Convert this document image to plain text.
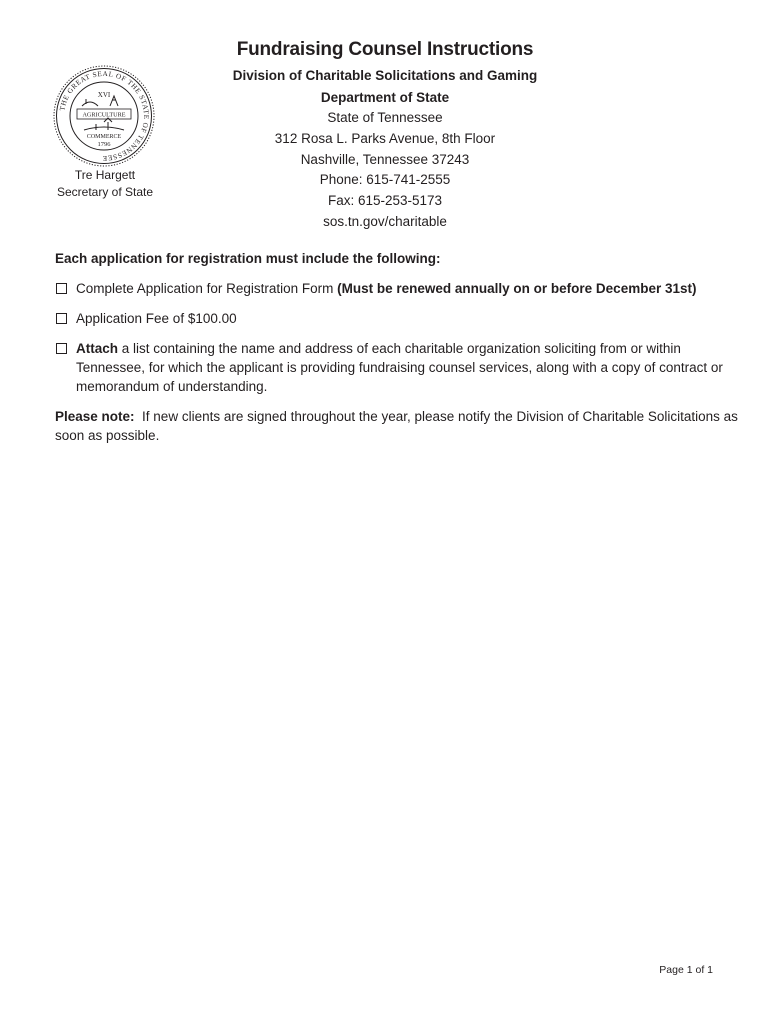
THE GREAT SEAL OF THE STATE OF TENNESSEE
XVI
AGRICULTURE
COMMERCE
1796
Tre Hargett
Secretary of State
Fundraising Counsel Instructions
Division of Charitable Solicitations and Gaming
Department of State
State of Tennessee
312 Rosa L. Parks Avenue, 8th Floor
Nashville, Tennessee 37243
Phone: 615-741-2555
Fax: 615-253-5173
sos.tn.gov/charitable

Each application for registration must include the following:

Complete Application for Registration Form (Must be renewed annually on or before December 31st)
Application Fee of $100.00
Attach a list containing the name and address of each charitable organization soliciting from or within Tennessee, for which the applicant is providing fundraising counsel services, along with a copy of contract or memorandum of understanding.
Please note: If new clients are signed throughout the year, please notify the Division of Charitable Solicitations as soon as possible.
Page 1 of 1
